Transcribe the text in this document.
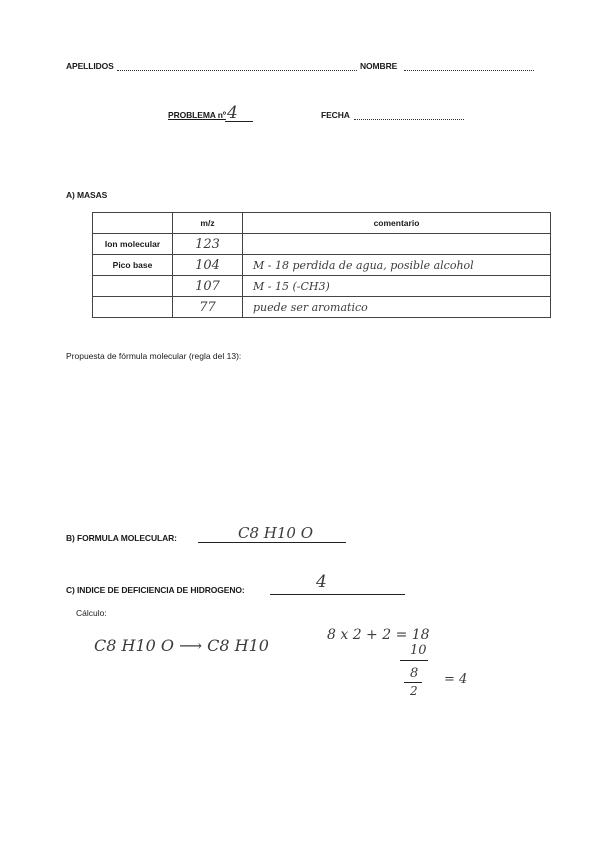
APELLIDOS	NOMBRE
PROBLEMA nº 4	FECHA
A) MASAS
	m/z	comentario
Ion molecular	123	
Pico base	104	M - 18 perdida de agua, posible alcohol
	107	M - 15 (-CH3)
	77	puede ser aromatico
Propuesta de fórmula molecular (regla del 13):
B) FORMULA MOLECULAR:	C8 H10 O
C) INDICE DE DEFICIENCIA DE HIDROGENO:	4
Cálculo:
C8 H10 O ⟶ C8 H10
8 x 2 + 2 = 18
10
8
2
= 4
